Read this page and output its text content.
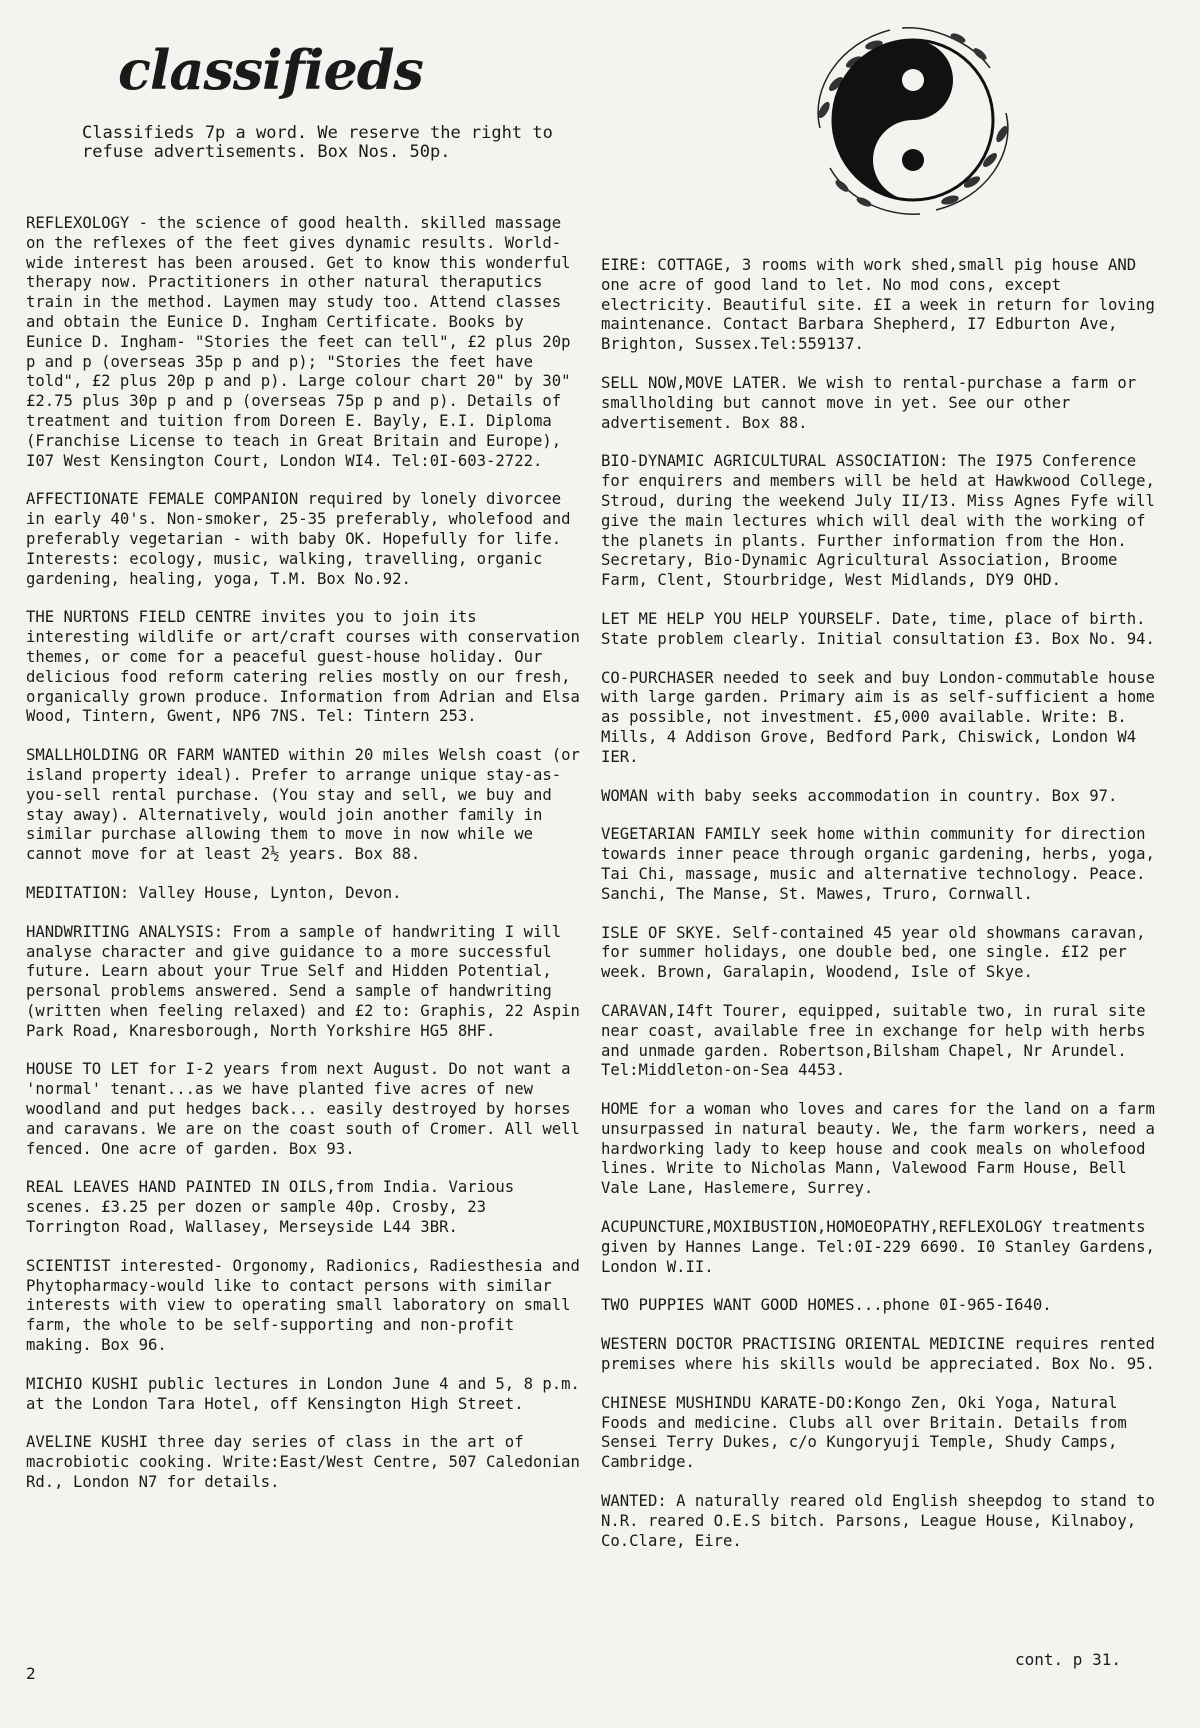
classifieds

Classifieds 7p a word. We reserve the right to
refuse advertisements. Box Nos. 50p.

REFLEXOLOGY - the science of good health. skilled massage on the reflexes of the feet gives dynamic results. World-wide interest has been aroused. Get to know this wonderful therapy now. Practitioners in other natural theraputics train in the method. Laymen may study too. Attend classes and obtain the Eunice D. Ingham Certificate. Books by Eunice D. Ingham- "Stories the feet can tell", £2 plus 20p p and p (overseas 35p p and p); "Stories the feet have told", £2 plus 20p p and p). Large colour chart 20" by 30" £2.75 plus 30p p and p (overseas 75p p and p). Details of treatment and tuition from Doreen E. Bayly, E.I. Diploma (Franchise License to teach in Great Britain and Europe), I07 West Kensington Court, London WI4. Tel:0I-603-2722.

AFFECTIONATE FEMALE COMPANION required by lonely divorcee in early 40's. Non-smoker, 25-35 preferably, wholefood and preferably vegetarian - with baby OK. Hopefully for life. Interests: ecology, music, walking, travelling, organic gardening, healing, yoga, T.M. Box No.92.

THE NURTONS FIELD CENTRE invites you to join its interesting wildlife or art/craft courses with conservation themes, or come for a peaceful guest-house holiday. Our delicious food reform catering relies mostly on our fresh, organically grown produce. Information from Adrian and Elsa Wood, Tintern, Gwent, NP6 7NS. Tel: Tintern 253.

SMALLHOLDING OR FARM WANTED within 20 miles Welsh coast (or island property ideal). Prefer to arrange unique stay-as-you-sell rental purchase. (You stay and sell, we buy and stay away). Alternatively, would join another family in similar purchase allowing them to move in now while we cannot move for at least 2½ years. Box 88.

MEDITATION: Valley House, Lynton, Devon.

HANDWRITING ANALYSIS: From a sample of handwriting I will analyse character and give guidance to a more successful future. Learn about your True Self and Hidden Potential, personal problems answered. Send a sample of handwriting (written when feeling relaxed) and £2 to: Graphis, 22 Aspin Park Road, Knaresborough, North Yorkshire HG5 8HF.

HOUSE TO LET for I-2 years from next August. Do not want a 'normal' tenant...as we have planted five acres of new woodland and put hedges back... easily destroyed by horses and caravans. We are on the coast south of Cromer. All well fenced. One acre of garden. Box 93.

REAL LEAVES HAND PAINTED IN OILS,from India. Various scenes. £3.25 per dozen or sample 40p. Crosby, 23 Torrington Road, Wallasey, Merseyside L44 3BR.

SCIENTIST interested- Orgonomy, Radionics, Radiesthesia and Phytopharmacy-would like to contact persons with similar interests with view to operating small laboratory on small farm, the whole to be self-supporting and non-profit making. Box 96.

MICHIO KUSHI public lectures in London June 4 and 5, 8 p.m. at the London Tara Hotel, off Kensington High Street.

AVELINE KUSHI three day series of class in the art of macrobiotic cooking. Write:East/West Centre, 507 Caledonian Rd., London N7 for details.

EIRE: COTTAGE, 3 rooms with work shed,small pig house AND one acre of good land to let. No mod cons, except electricity. Beautiful site. £I a week in return for loving maintenance. Contact Barbara Shepherd, I7 Edburton Ave, Brighton, Sussex.Tel:559137.

SELL NOW,MOVE LATER. We wish to rental-purchase a farm or smallholding but cannot move in yet. See our other advertisement. Box 88.

BIO-DYNAMIC AGRICULTURAL ASSOCIATION: The I975 Conference for enquirers and members will be held at Hawkwood College, Stroud, during the weekend July II/I3. Miss Agnes Fyfe will give the main lectures which will deal with the working of the planets in plants. Further information from the Hon. Secretary, Bio-Dynamic Agricultural Association, Broome Farm, Clent, Stourbridge, West Midlands, DY9 OHD.

LET ME HELP YOU HELP YOURSELF. Date, time, place of birth. State problem clearly. Initial consultation £3. Box No. 94.

CO-PURCHASER needed to seek and buy London-commutable house with large garden. Primary aim is as self-sufficient a home as possible, not investment. £5,000 available. Write: B. Mills, 4 Addison Grove, Bedford Park, Chiswick, London W4 IER.

WOMAN with baby seeks accommodation in country. Box 97.

VEGETARIAN FAMILY seek home within community for direction towards inner peace through organic gardening, herbs, yoga, Tai Chi, massage, music and alternative technology. Peace. Sanchi, The Manse, St. Mawes, Truro, Cornwall.

ISLE OF SKYE. Self-contained 45 year old showmans caravan, for summer holidays, one double bed, one single. £I2 per week. Brown, Garalapin, Woodend, Isle of Skye.

CARAVAN,I4ft Tourer, equipped, suitable two, in rural site near coast, available free in exchange for help with herbs and unmade garden. Robertson,Bilsham Chapel, Nr Arundel. Tel:Middleton-on-Sea 4453.

HOME for a woman who loves and cares for the land on a farm unsurpassed in natural beauty. We, the farm workers, need a hardworking lady to keep house and cook meals on wholefood lines. Write to Nicholas Mann, Valewood Farm House, Bell Vale Lane, Haslemere, Surrey.

ACUPUNCTURE,MOXIBUSTION,HOMOEOPATHY,REFLEXOLOGY treatments given by Hannes Lange. Tel:0I-229 6690. I0 Stanley Gardens, London W.II.

TWO PUPPIES WANT GOOD HOMES...phone 0I-965-I640.

WESTERN DOCTOR PRACTISING ORIENTAL MEDICINE requires rented premises where his skills would be appreciated. Box No. 95.

CHINESE MUSHINDU KARATE-DO:Kongo Zen, Oki Yoga, Natural Foods and medicine. Clubs all over Britain. Details from Sensei Terry Dukes, c/o Kungoryuji Temple, Shudy Camps, Cambridge.

WANTED: A naturally reared old English sheepdog to stand to N.R. reared O.E.S bitch. Parsons, League House, Kilnaboy, Co.Clare, Eire.

2
cont. p 31.
